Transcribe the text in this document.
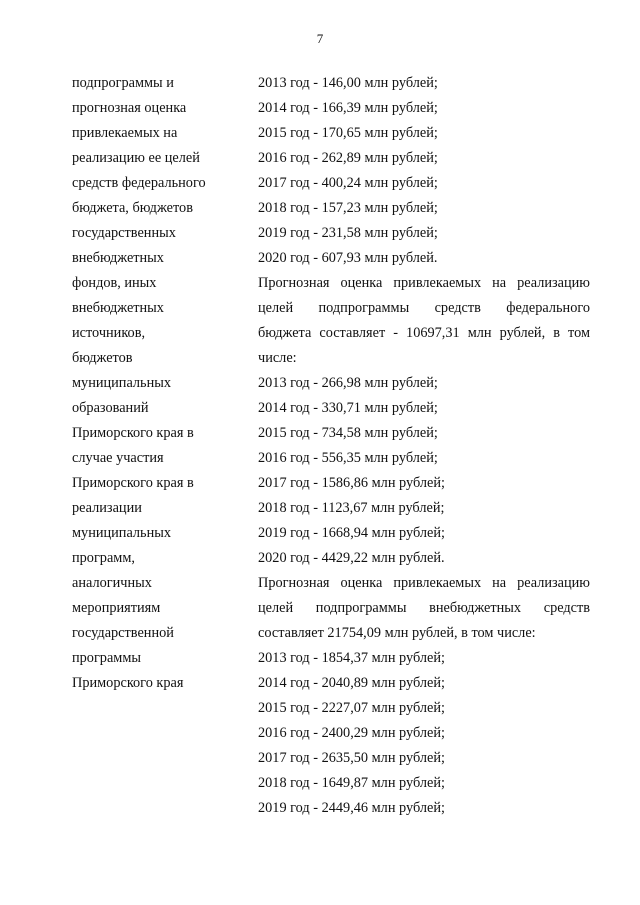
7
подпрограммы и
прогнозная оценка
привлекаемых на
реализацию ее целей
средств федерального
бюджета, бюджетов
государственных
внебюджетных
фондов, иных
внебюджетных
источников,
бюджетов
муниципальных
образований
Приморского края в
случае участия
Приморского края в
реализации
муниципальных
программ,
аналогичных
мероприятиям
государственной
программы
Приморского края
2013 год - 146,00 млн рублей;
2014 год - 166,39 млн рублей;
2015 год - 170,65 млн рублей;
2016 год - 262,89 млн рублей;
2017 год - 400,24 млн рублей;
2018 год - 157,23 млн рублей;
2019 год - 231,58 млн рублей;
2020 год - 607,93 млн рублей.
Прогнозная оценка привлекаемых на реализацию
целей подпрограммы средств федерального
бюджета составляет - 10697,31 млн рублей, в том
числе:
2013 год - 266,98 млн рублей;
2014 год - 330,71 млн рублей;
2015 год - 734,58 млн рублей;
2016 год - 556,35 млн рублей;
2017 год - 1586,86 млн рублей;
2018 год - 1123,67 млн рублей;
2019 год - 1668,94 млн рублей;
2020 год - 4429,22 млн рублей.
Прогнозная оценка привлекаемых на реализацию
целей подпрограммы внебюджетных средств
составляет 21754,09 млн рублей, в том числе:
2013 год - 1854,37 млн рублей;
2014 год - 2040,89 млн рублей;
2015 год - 2227,07 млн рублей;
2016 год - 2400,29 млн рублей;
2017 год - 2635,50 млн рублей;
2018 год - 1649,87 млн рублей;
2019 год - 2449,46 млн рублей;
